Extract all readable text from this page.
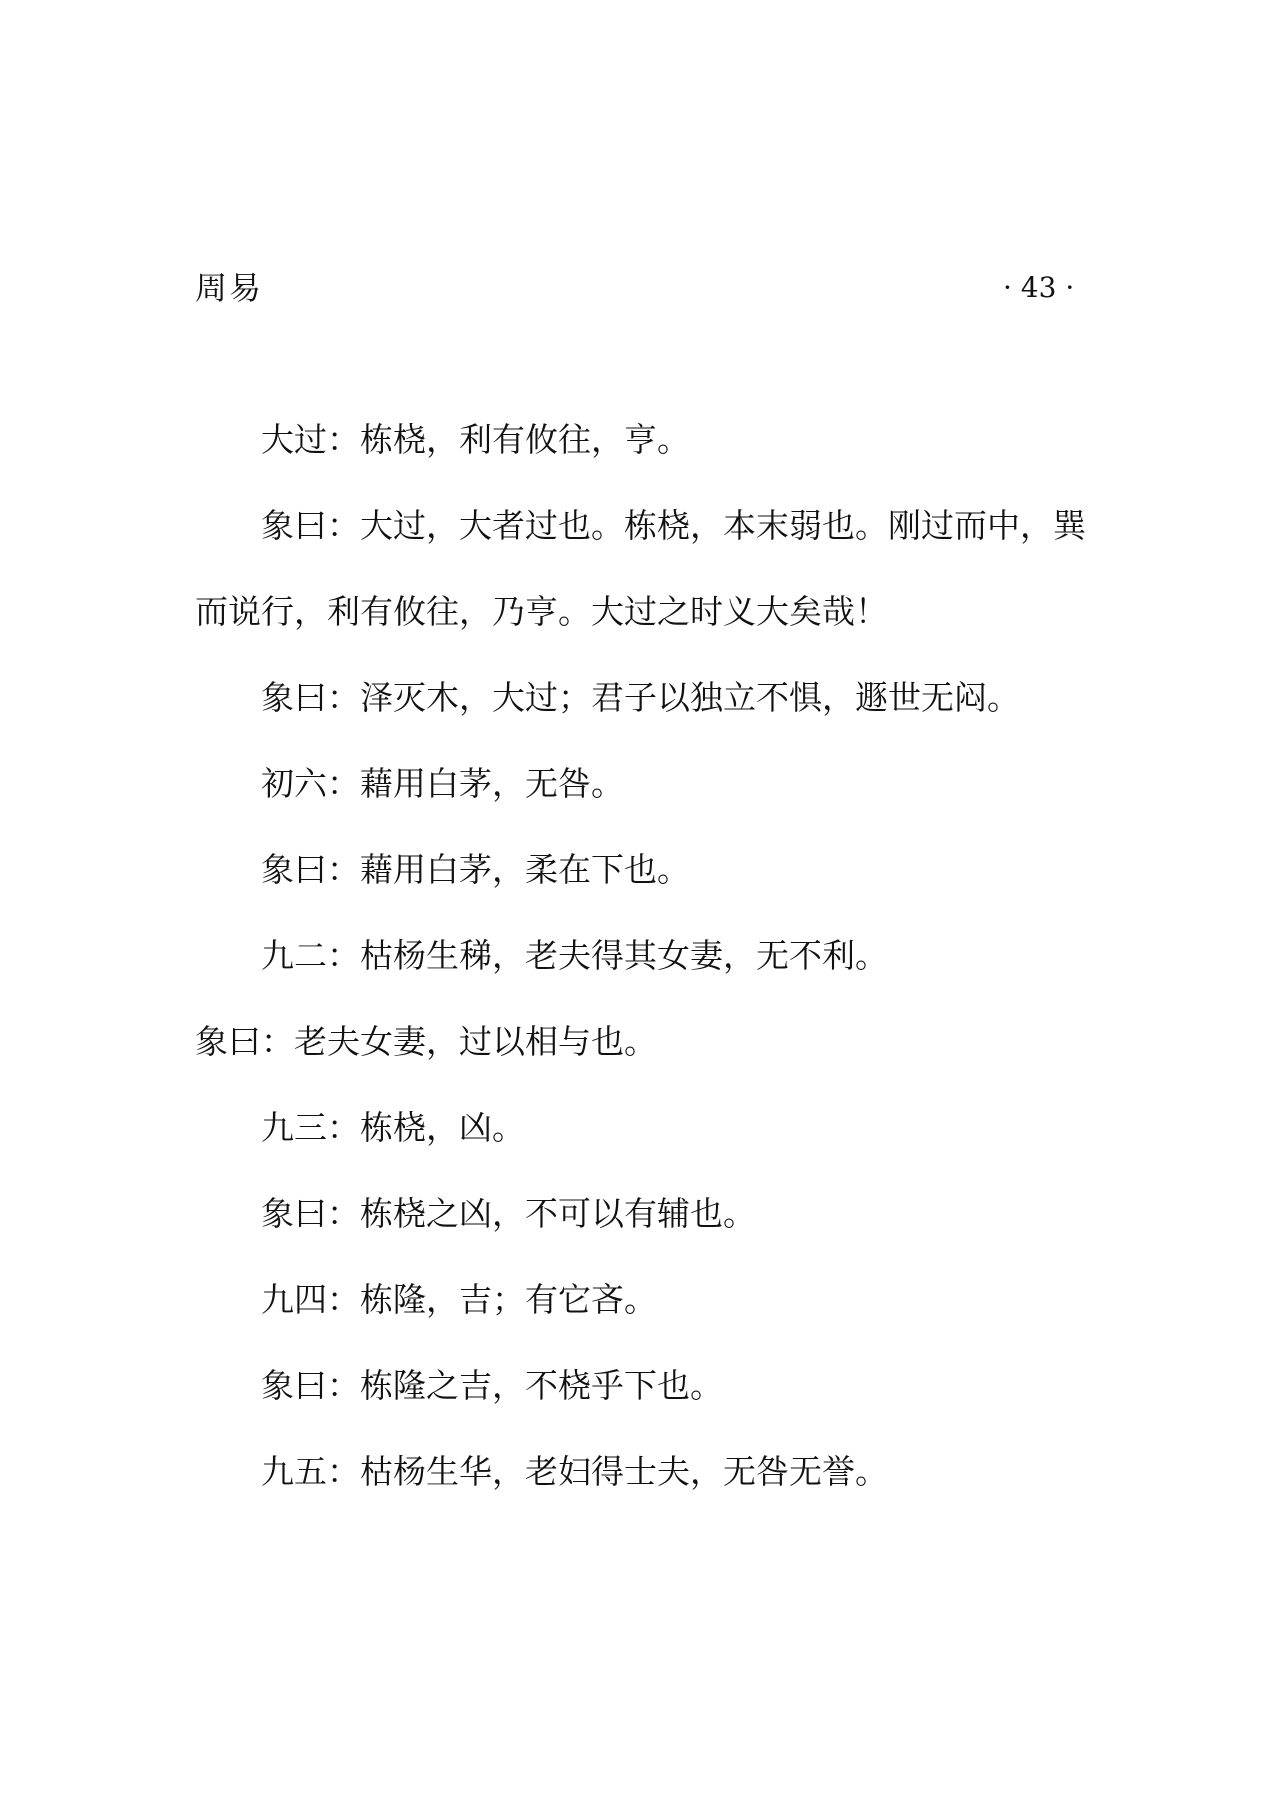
周易	· 43 ·

大过：栋桡，利有攸往，亨。

象曰：大过，大者过也。栋桡，本末弱也。刚过而中，巽

而说行，利有攸往，乃亨。大过之时义大矣哉！

象曰：泽灭木，大过；君子以独立不惧，遯世无闷。

初六：藉用白茅，无咎。

象曰：藉用白茅，柔在下也。

九二：枯杨生稊，老夫得其女妻，无不利。

象曰：老夫女妻，过以相与也。

九三：栋桡，凶。

象曰：栋桡之凶，不可以有辅也。

九四：栋隆，吉；有它吝。

象曰：栋隆之吉，不桡乎下也。

九五：枯杨生华，老妇得士夫，无咎无誉。
